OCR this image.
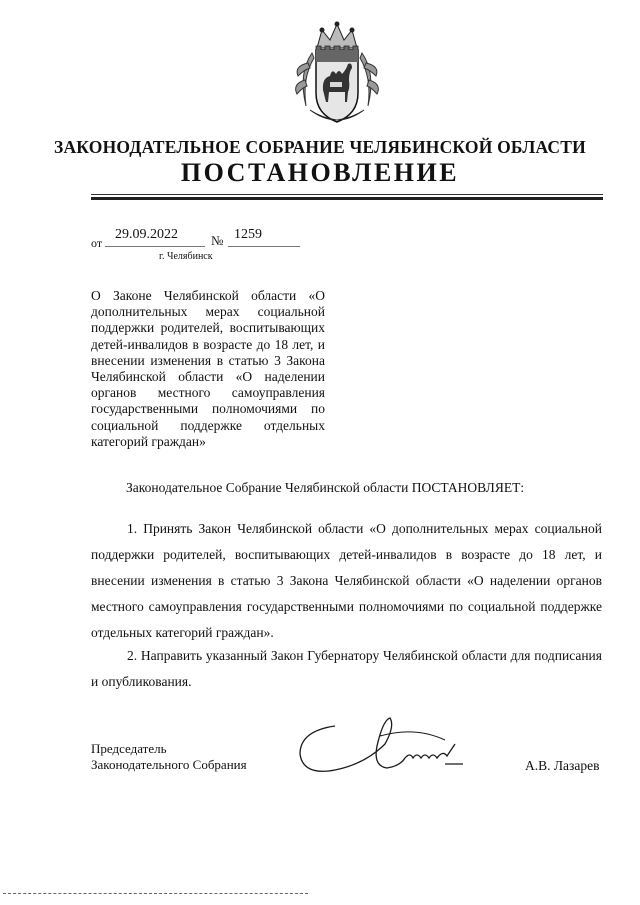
ЗАКОНОДАТЕЛЬНОЕ СОБРАНИЕ ЧЕЛЯБИНСКОЙ ОБЛАСТИ
ПОСТАНОВЛЕНИЕ
от
29.09.2022	№ 1259
г. Челябинск

О Законе Челябинской области «О дополнительных мерах социальной поддержки родителей, воспитывающих детей-инвалидов в возрасте до 18 лет, и внесении изменения в статью 3 Закона Челябинской области «О наделении органов местного самоуправления государственными полномочиями по социальной поддержке отдельных категорий граждан»

Законодательное Собрание Челябинской области ПОСТАНОВЛЯЕТ:

1. Принять Закон Челябинской области «О дополнительных мерах социальной поддержки родителей, воспитывающих детей-инвалидов в возрасте до 18 лет, и внесении изменения в статью 3 Закона Челябинской области «О наделении органов местного самоуправления государственными полномочиями по социальной поддержке отдельных категорий граждан».

2. Направить указанный Закон Губернатору Челябинской области для подписания и опубликования.

Председатель
Законодательного Собрания	А.В. Лазарев
